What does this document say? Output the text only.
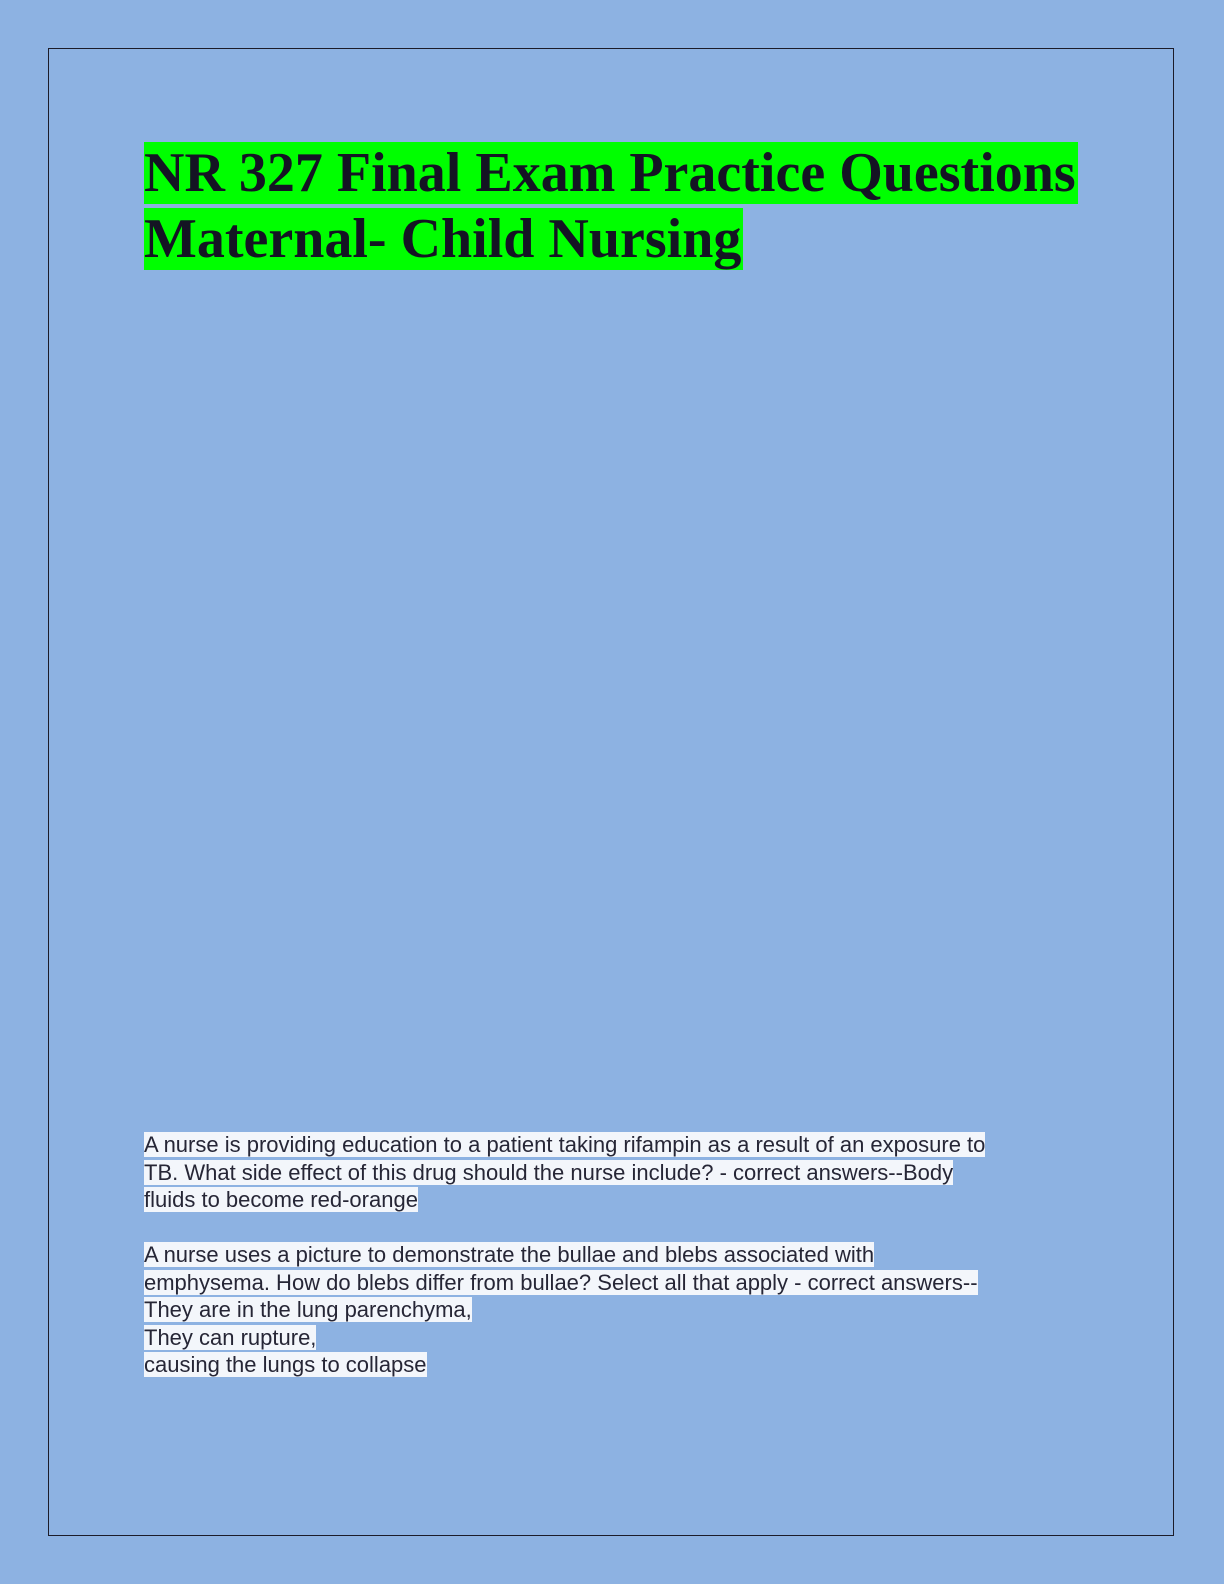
NR 327 Final Exam Practice Questions
Maternal- Child Nursing
A nurse is providing education to a patient taking rifampin as a result of an exposure to
TB. What side effect of this drug should the nurse include? - correct answers--Body
fluids to become red-orange
A nurse uses a picture to demonstrate the bullae and blebs associated with
emphysema. How do blebs differ from bullae? Select all that apply - correct answers--
They are in the lung parenchyma,
They can rupture,
causing the lungs to collapse
